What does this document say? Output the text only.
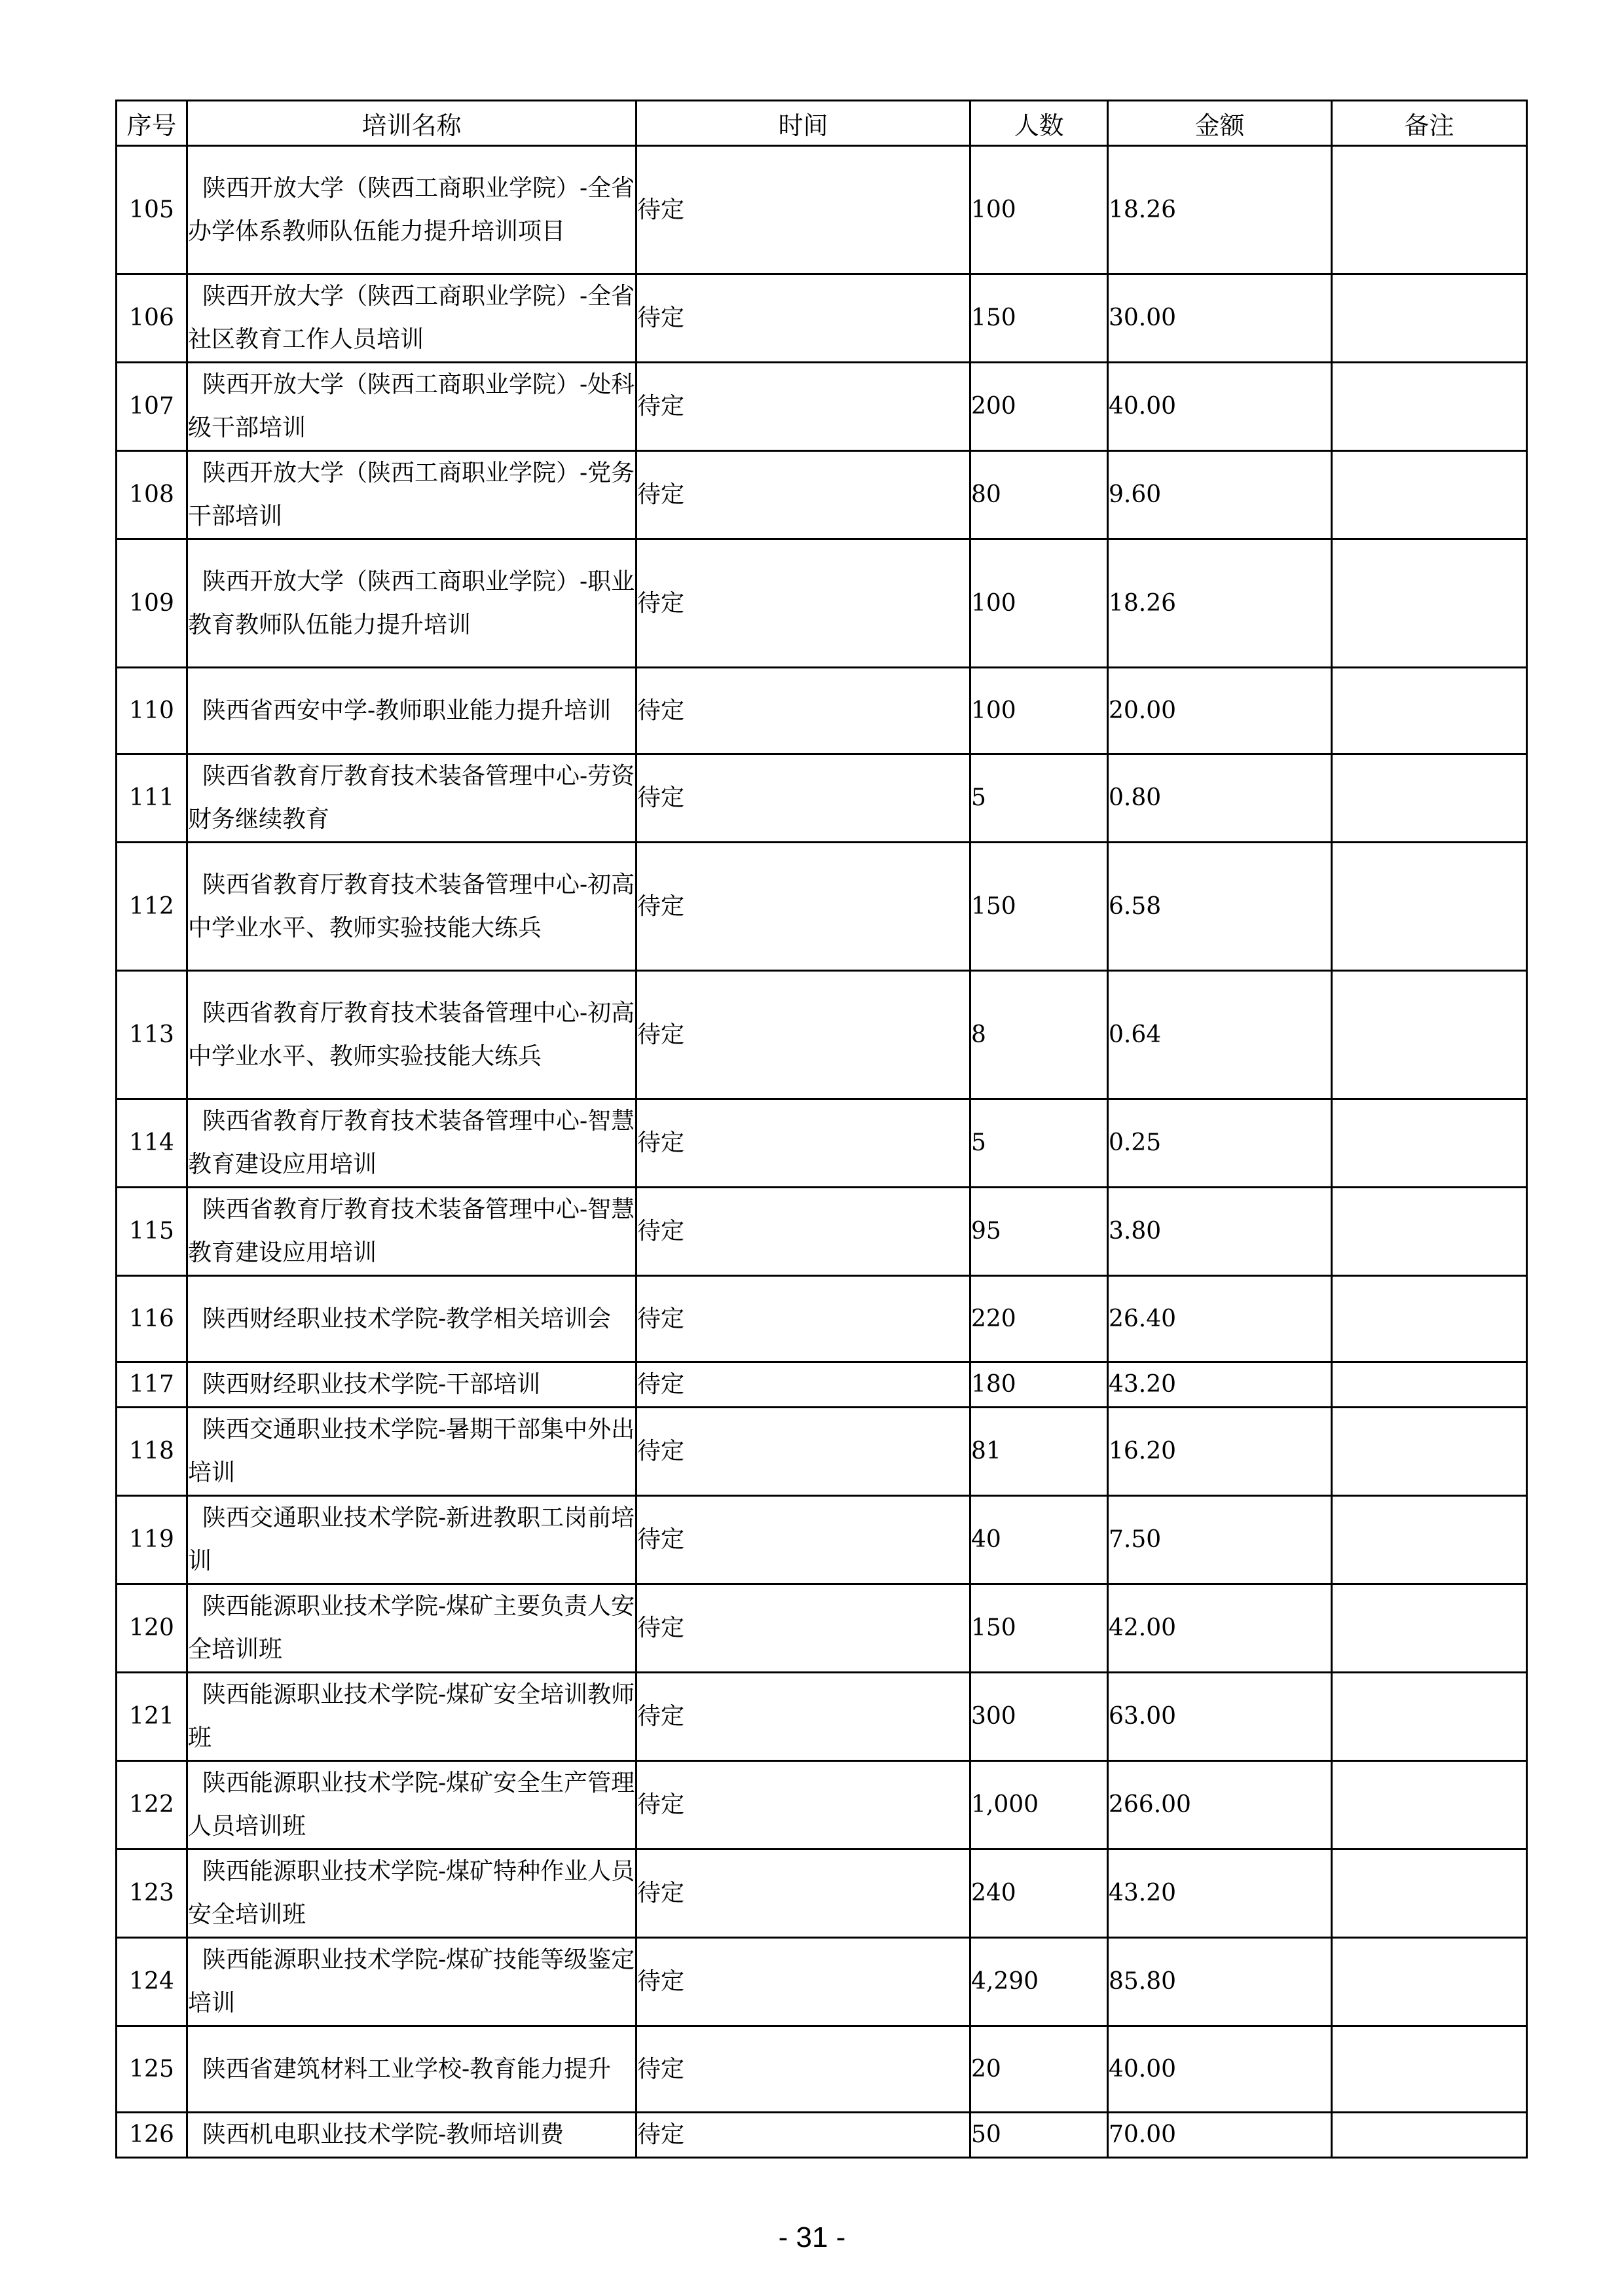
序号	培训名称	时间	人数	金额	备注
105	陕西开放大学（陕西工商职业学院）-全省办学体系教师队伍能力提升培训项目	待定	100	18.26	
106	陕西开放大学（陕西工商职业学院）-全省社区教育工作人员培训	待定	150	30.00	
107	陕西开放大学（陕西工商职业学院）-处科级干部培训	待定	200	40.00	
108	陕西开放大学（陕西工商职业学院）-党务干部培训	待定	80	9.60	
109	陕西开放大学（陕西工商职业学院）-职业教育教师队伍能力提升培训	待定	100	18.26	
110	陕西省西安中学-教师职业能力提升培训	待定	100	20.00	
111	陕西省教育厅教育技术装备管理中心-劳资财务继续教育	待定	5	0.80	
112	陕西省教育厅教育技术装备管理中心-初高中学业水平、教师实验技能大练兵	待定	150	6.58	
113	陕西省教育厅教育技术装备管理中心-初高中学业水平、教师实验技能大练兵	待定	8	0.64	
114	陕西省教育厅教育技术装备管理中心-智慧教育建设应用培训	待定	5	0.25	
115	陕西省教育厅教育技术装备管理中心-智慧教育建设应用培训	待定	95	3.80	
116	陕西财经职业技术学院-教学相关培训会	待定	220	26.40	
117	陕西财经职业技术学院-干部培训	待定	180	43.20	
118	陕西交通职业技术学院-暑期干部集中外出培训	待定	81	16.20	
119	陕西交通职业技术学院-新进教职工岗前培训	待定	40	7.50	
120	陕西能源职业技术学院-煤矿主要负责人安全培训班	待定	150	42.00	
121	陕西能源职业技术学院-煤矿安全培训教师班	待定	300	63.00	
122	陕西能源职业技术学院-煤矿安全生产管理人员培训班	待定	1,000	266.00	
123	陕西能源职业技术学院-煤矿特种作业人员安全培训班	待定	240	43.20	
124	陕西能源职业技术学院-煤矿技能等级鉴定培训	待定	4,290	85.80	
125	陕西省建筑材料工业学校-教育能力提升	待定	20	40.00	
126	陕西机电职业技术学院-教师培训费	待定	50	70.00	
- 31 -
